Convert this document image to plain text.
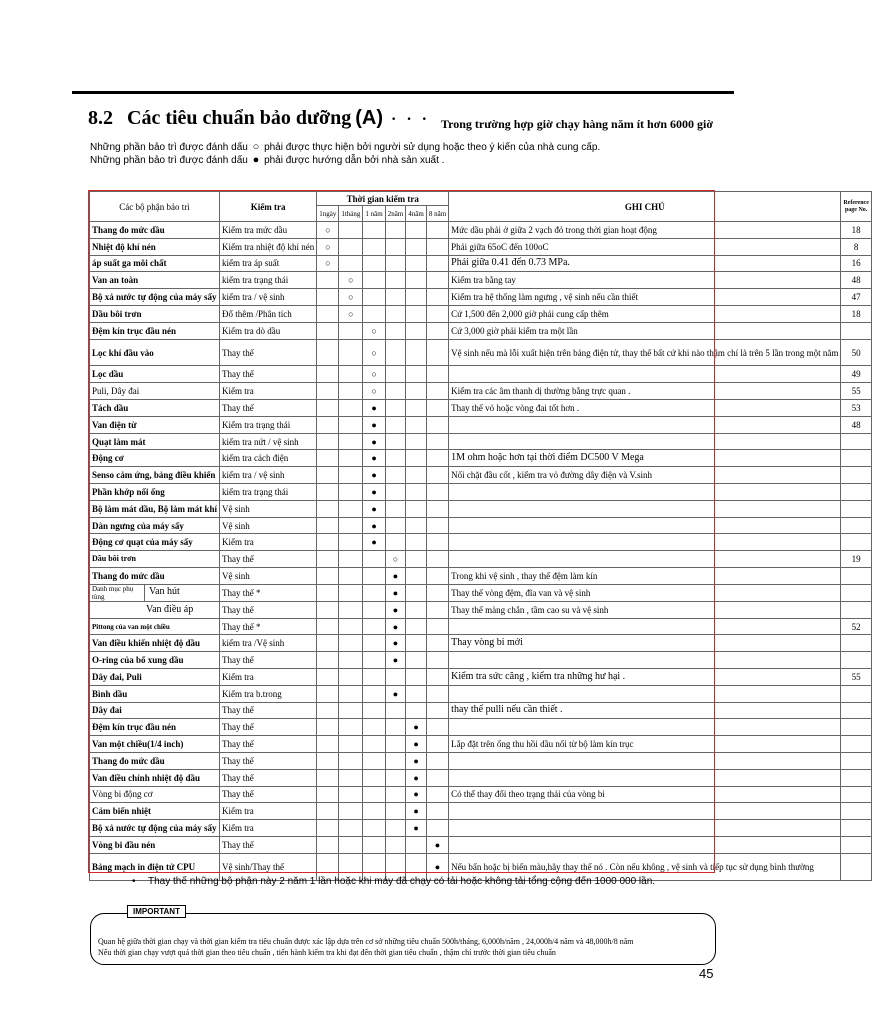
8.2 Các tiêu chuẩn bảo dưỡng (A) · · · Trong trường hợp giờ chạy hàng năm ít hơn 6000 giờ
Những phần bảo trì được đánh dấu ○ phải được thực hiện bởi người sử dụng hoặc theo ý kiến của nhà cung cấp.
Những phần bảo trì được đánh dấu ● phải được hướng dẫn bởi nhà sản xuất .
Các bộ phận bảo trì	Kiểm tra	Thời gian kiểm tra						GHI CHÚ	Reference page No.
		1ngày	1tháng	1 năm	2năm	4năm	8 năm		
Thang đo mức dầu	Kiểm tra mức dầu	○						Mức dầu phải ở giữa 2 vạch đỏ trong thời gian hoạt động	18
Nhiệt độ khí nén	Kiểm tra nhiệt độ khí nén	○						Phải giữa 65oC đến 100oC	8
áp suất ga môi chất	kiểm tra áp suất	○						Phải giữa 0.41 đến 0.73 MPa.	16
Van an toàn	kiểm tra trạng thái		○					Kiểm tra bằng tay	48
Bộ xả nước tự động của máy sấy	kiểm tra / vệ sinh		○					Kiểm tra hệ thống làm ngưng , vệ sinh nếu cần thiết	47
Dầu bôi trơn	Đổ thêm /Phân tích		○					Cứ 1,500 đến 2,000 giờ phải cung cấp thêm	18
Đệm kín trục đầu nén	Kiểm tra dò dầu			○				Cứ 3,000 giờ phải kiểm tra một lần	
Lọc khí đầu vào	Thay thế			○				Vệ sinh nếu mà lỗi xuất hiện trên bảng điện tử, thay thế bất cứ khi nào thậm chí là trên 5 lần trong một năm	50
Lọc dầu	Thay thế			○					49
Puli, Dây đai	Kiểm tra			○				Kiểm tra các âm thanh dị thường bằng trực quan .	55
Tách dầu	Thay thế			●				Thay thế vỏ hoặc vòng đai tốt hơn .	53
Van điện từ	Kiểm tra trạng thái			●					48
Quạt làm mát	kiểm tra nứt / vệ sinh			●					
Động cơ	kiểm tra cách điện			●				1M ohm hoặc hơn tại thời điểm DC500 V Mega	
Senso cảm ứng, bảng điều khiển	kiểm tra / vệ sinh			●				Nối chặt đầu cốt , kiểm tra vỏ đường dây điện và V.sinh	
Phần khớp nối ống	kiểm tra trạng thái			●					
Bộ làm mát dầu, Bộ làm mát khí	Vệ sinh			●					
Dàn ngưng của máy sấy	Vệ sinh			●					
Động cơ quạt của máy sấy	Kiểm tra			●					
Dầu bôi trơn	Thay thế				○				19
Thang đo mức dầu	Vệ sinh				●			Trong khi vệ sinh , thay thế đệm làm kín	

Danh mục phụ tùng Van hút	Thay thế *				●			Thay thế vòng đệm, đĩa van và vệ sinh	
Van điều áp	Thay thế				●			Thay thế màng chắn , tầm cao su và vệ sinh	
Pittong của van một chiều	Thay thế *				●				52
Van điều khiển nhiệt độ dầu	kiểm tra /Vệ sinh				●			Thay vòng bi mới	
O-ring của bổ xung dầu	Thay thế				●				
Dây đai, Puli	Kiểm tra							Kiểm tra sức căng , kiểm tra những hư hại .	55
Bình dầu	Kiểm tra b.trong				●				
Dây đai	Thay thế							thay thế pulli nếu cần thiết .	
Đệm kín trục đầu nén	Thay thế					●			
Van một chiều(1/4 inch)	Thay thế					●		Lắp đặt trên ống thu hồi dầu nối từ bộ làm kín trục	
Thang đo mức dầu	Thay thế					●			
Van điều chỉnh nhiệt độ dầu	Thay thế					●			
Vòng bi động cơ	Thay thế					●		Có thể thay đổi theo trạng thái của vòng bi	
Cảm biến nhiệt	Kiểm tra					●			
Bộ xả nước tự động của máy sấy	Kiểm tra					●			
Vòng bi đầu nén	Thay thế						●		
Bảng mạch in điện tử CPU	Vệ sinh/Thay thế						●	Nếu bẩn hoặc bị biến màu,hãy thay thế nó . Còn nếu không , vệ sinh và tiếp tục sử dụng bình thường	
• Thay thế những bộ phận này 2 năm 1 lần hoặc khi máy đã chạy có tải hoặc không tải tổng cộng đến 1000 000 lần.
IMPORTANT
Quan hệ giữa thời gian chạy và thời gian kiểm tra tiêu chuẩn được xác lập dựa trên cơ sở những tiêu chuẩn 500h/tháng, 6,000h/năm , 24,000h/4 năm và 48,000h/8 năm
Nếu thời gian chạy vượt quá thời gian theo tiêu chuẩn , tiến hành kiểm tra khi đạt đến thời gian tiêu chuẩn , thậm chí trước thời gian tiêu chuẩn
45
